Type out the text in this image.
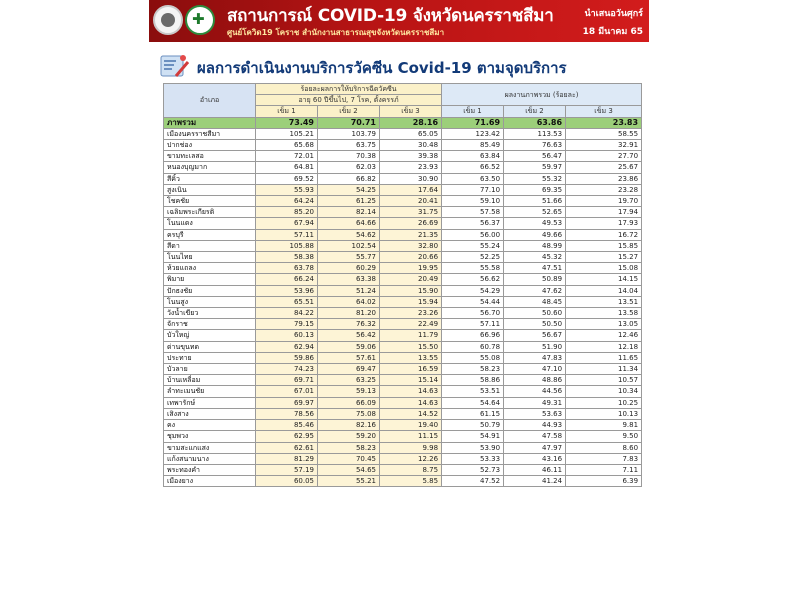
✚ สถานการณ์ COVID-19 จังหวัดนครราชสีมา
ศูนย์โควิด19 โคราช สำนักงานสาธารณสุขจังหวัดนครราชสีมา
นำเสนอวันศุกร์
18 มีนาคม 65
ผลการดำเนินงานบริการวัคซีน Covid-19 ตามจุดบริการ
อำเภอ	ร้อยละผลการให้บริการฉีดวัคซีน			ผลงานภาพรวม (ร้อยละ)		
	อายุ 60 ปีขึ้นไป, 7 โรค, ตั้งครรภ์					
	เข็ม 1	เข็ม 2	เข็ม 3	เข็ม 1	เข็ม 2	เข็ม 3
ภาพรวม	73.49	70.71	28.16	71.69	63.86	23.83
เมืองนครราชสีมา	105.21	103.79	65.05	123.42	113.53	58.55
ปากช่อง	65.68	63.75	30.48	85.49	76.63	32.91
ขามทะเลสอ	72.01	70.38	39.38	63.84	56.47	27.70
หนองบุญมาก	64.81	62.03	23.93	66.52	59.97	25.67
สีคิ้ว	69.52	66.82	30.90	63.50	55.32	23.86
สูงเนิน	55.93	54.25	17.64	77.10	69.35	23.28
โชคชัย	64.24	61.25	20.41	59.10	51.66	19.70
เฉลิมพระเกียรติ	85.20	82.14	31.75	57.58	52.65	17.94
โนนแดง	67.94	64.66	26.69	56.37	49.53	17.93
ครบุรี	57.11	54.62	21.35	56.00	49.66	16.72
สีดา	105.88	102.54	32.80	55.24	48.99	15.85
โนนไทย	58.38	55.77	20.66	52.25	45.32	15.27
ห้วยแถลง	63.78	60.29	19.95	55.58	47.51	15.08
พิมาย	66.24	63.38	20.49	56.62	50.89	14.15
ปักธงชัย	53.96	51.24	15.90	54.29	47.62	14.04
โนนสูง	65.51	64.02	15.94	54.44	48.45	13.51
วังน้ำเขียว	84.22	81.20	23.26	56.70	50.60	13.58
จักราช	79.15	76.32	22.49	57.11	50.50	13.05
บัวใหญ่	60.13	56.42	11.79	66.96	56.67	12.46
ด่านขุนทด	62.94	59.06	15.50	60.78	51.90	12.18
ประทาย	59.86	57.61	13.55	55.08	47.83	11.65
บัวลาย	74.23	69.47	16.59	58.23	47.10	11.34
บ้านเหลื่อม	69.71	63.25	15.14	58.86	48.86	10.57
ลำทะเมนชัย	67.01	59.13	14.63	53.51	44.56	10.34
เทพารักษ์	69.97	66.09	14.63	54.64	49.31	10.25
เสิงสาง	78.56	75.08	14.52	61.15	53.63	10.13
คง	85.46	82.16	19.40	50.79	44.93	9.81
ชุมพวง	62.95	59.20	11.15	54.91	47.58	9.50
ขามสะแกแสง	62.61	58.23	9.98	53.90	47.97	8.60
แก้งสนามนาง	81.29	70.45	12.26	53.33	43.16	7.83
พระทองคำ	57.19	54.65	8.75	52.73	46.11	7.11
เมืองยาง	60.05	55.21	5.85	47.52	41.24	6.39
